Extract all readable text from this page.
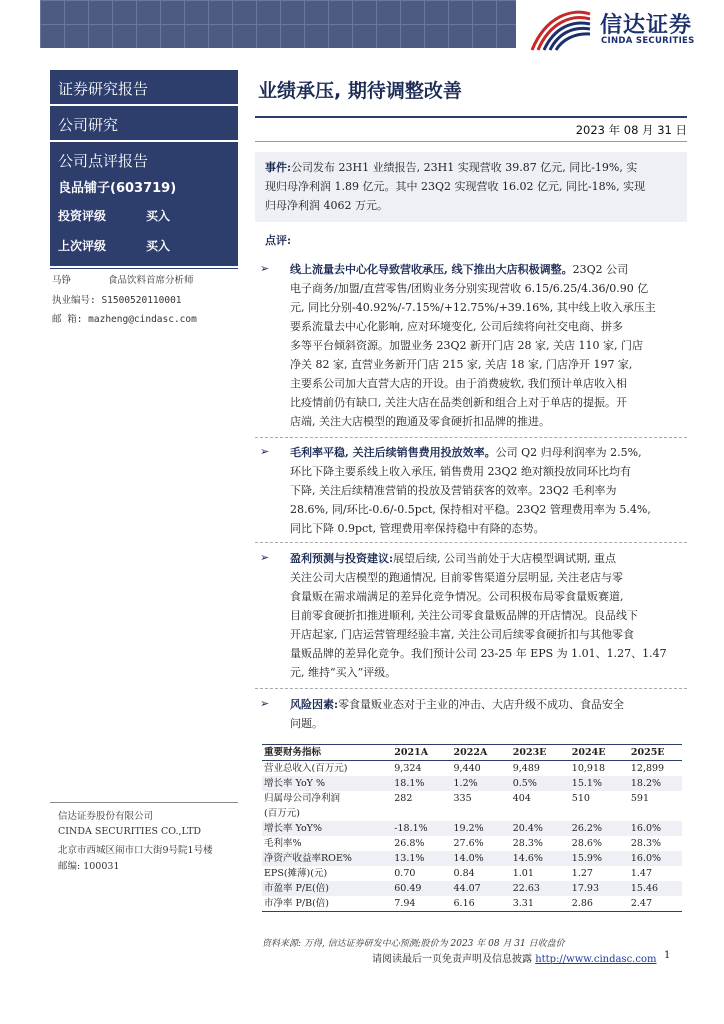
信达证券
CINDA SECURITIES
证券研究报告
公司研究
公司点评报告
良品铺子(603719)
投资评级	买入
上次评级	买入
马铮	食品饮料首席分析师
执业编号: S1500520110001
邮 箱: mazheng@cindasc.com
信达证券股份有限公司
CINDA SECURITIES CO.,LTD
北京市西城区闹市口大街9号院1号楼
邮编: 100031
业绩承压, 期待调整改善
2023 年 08 月 31 日
事件:公司发布 23H1 业绩报告, 23H1 实现营收 39.87 亿元, 同比-19%, 实
现归母净利润 1.89 亿元。其中 23Q2 实现营收 16.02 亿元, 同比-18%, 实现
归母净利润 4062 万元。
点评:
➢ 线上流量去中心化导致营收承压, 线下推出大店积极调整。23Q2 公司
电子商务/加盟/直营零售/团购业务分别实现营收 6.15/6.25/4.36/0.90 亿
元, 同比分别-40.92%/-7.15%/+12.75%/+39.16%, 其中线上收入承压主
要系流量去中心化影响, 应对环境变化, 公司后续将向社交电商、拼多
多等平台倾斜资源。加盟业务 23Q2 新开门店 28 家, 关店 110 家, 门店
净关 82 家, 直营业务新开门店 215 家, 关店 18 家, 门店净开 197 家,
主要系公司加大直营大店的开设。由于消费疲软, 我们预计单店收入相
比疫情前仍有缺口, 关注大店在品类创新和组合上对于单店的提振。开
店端, 关注大店模型的跑通及零食硬折扣品牌的推进。
➢ 毛利率平稳, 关注后续销售费用投放效率。公司 Q2 归母利润率为 2.5%,
环比下降主要系线上收入承压, 销售费用 23Q2 绝对额投放同环比均有
下降, 关注后续精准营销的投放及营销获客的效率。23Q2 毛利率为
28.6%, 同/环比-0.6/-0.5pct, 保持相对平稳。23Q2 管理费用率为 5.4%,
同比下降 0.9pct, 管理费用率保持稳中有降的态势。
➢ 盈利预测与投资建议:展望后续, 公司当前处于大店模型调试期, 重点
关注公司大店模型的跑通情况, 目前零售渠道分层明显, 关注老店与零
食量贩在需求端满足的差异化竞争情况。公司积极布局零食量贩赛道,
目前零食硬折扣推进顺利, 关注公司零食量贩品牌的开店情况。良品线下
开店起家, 门店运营管理经验丰富, 关注公司后续零食硬折扣与其他零食
量贩品牌的差异化竞争。我们预计公司 23-25 年 EPS 为 1.01、1.27、1.47
元, 维持“买入”评级。
➢ 风险因素:零食量贩业态对于主业的冲击、大店升级不成功、食品安全
问题。
重要财务指标	2021A	2022A	2023E	2024E	2025E
营业总收入(百万元)	9,324	9,440	9,489	10,918	12,899
增长率 YoY %	18.1%	1.2%	0.5%	15.1%	18.2%
归属母公司净利润	282	335	404	510	591
(百万元)					
增长率 YoY%	-18.1%	19.2%	20.4%	26.2%	16.0%
毛利率%	26.8%	27.6%	28.3%	28.6%	28.3%
净资产收益率ROE%	13.1%	14.0%	14.6%	15.9%	16.0%
EPS(摊薄)(元)	0.70	0.84	1.01	1.27	1.47
市盈率 P/E(倍)	60.49	44.07	22.63	17.93	15.46
市净率 P/B(倍)	7.94	6.16	3.31	2.86	2.47
资料来源: 万得, 信达证券研发中心预测;股价为 2023 年 08 月 31 日收盘价
请阅读最后一页免责声明及信息披露 http://www.cindasc.com 1
